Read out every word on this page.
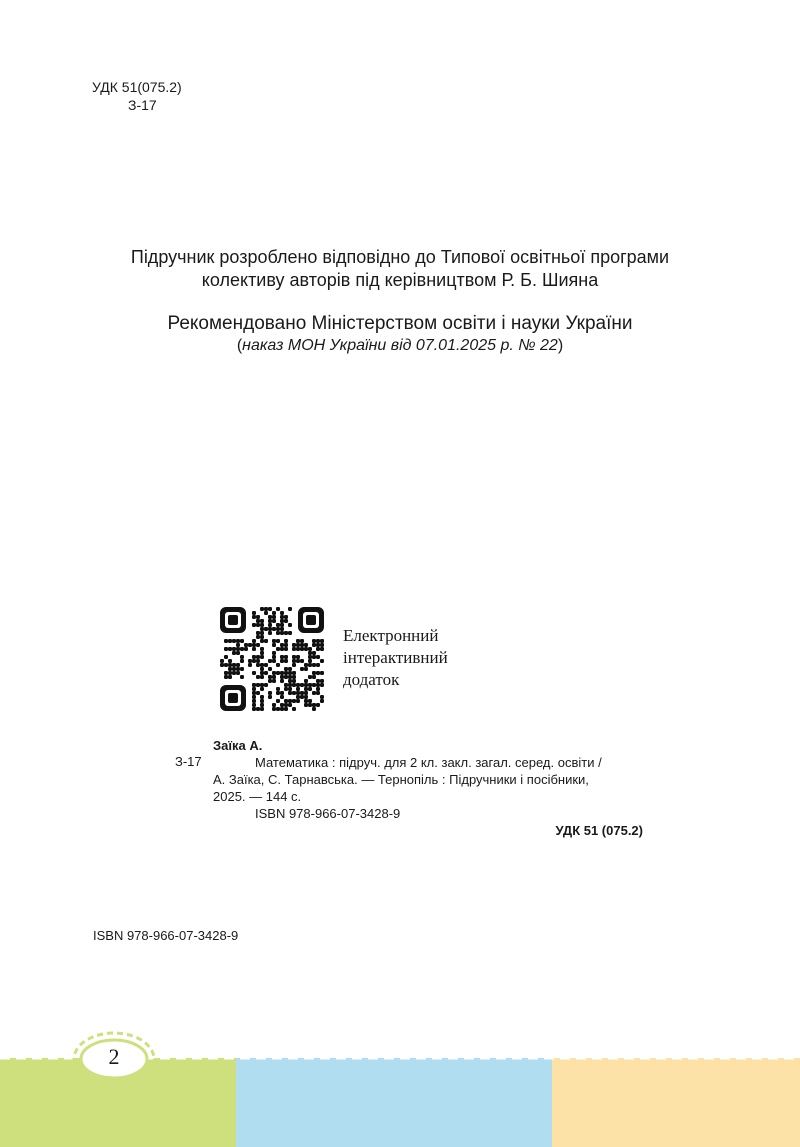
УДК 51(075.2)
З-17
Підручник розроблено відповідно до Типової освітньої програми
колективу авторів під керівництвом Р. Б. Шияна
Рекомендовано Міністерством освіти і науки України
(наказ МОН України від 07.01.2025 р. № 22)
Електронний
інтерактивний
додаток
З-17
Заїка А.
Математика : підруч. для 2 кл. закл. загал. серед. освіти /
А. Заїка, С. Тарнавська. — Тернопіль : Підручники і посібники,
2025. — 144 с.
ISBN 978-966-07-3428-9
УДК 51 (075.2)
ISBN 978-966-07-3428-9
2
